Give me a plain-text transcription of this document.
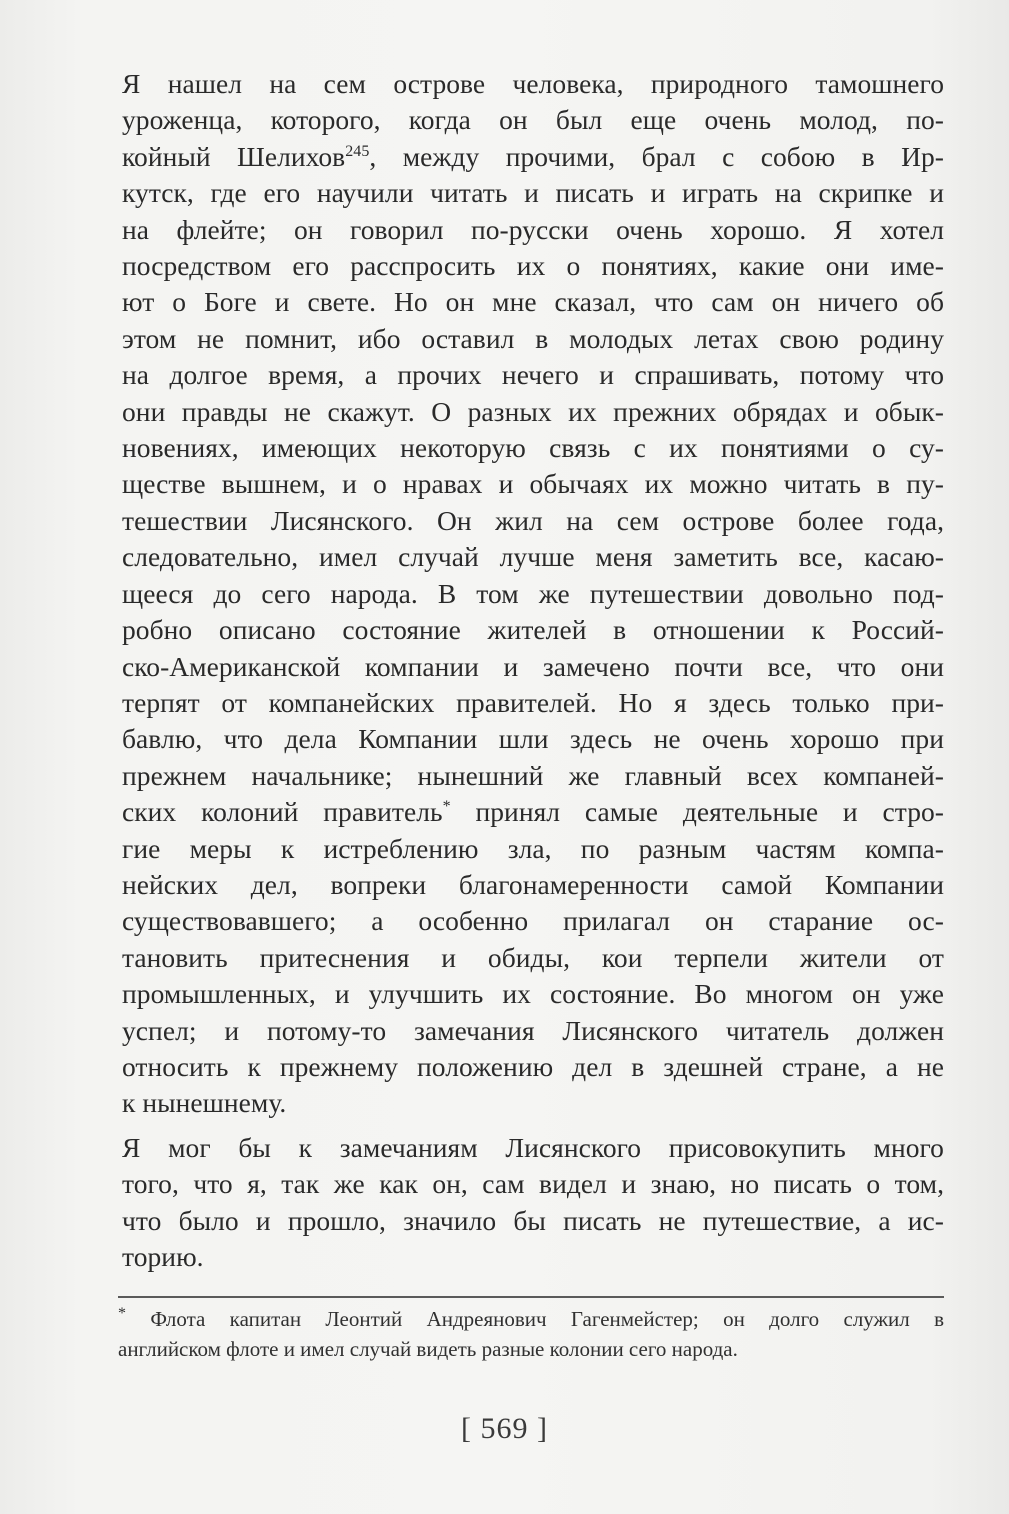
Я нашел на сем острове человека, природного тамошнего
уроженца, которого, когда он был еще очень молод, по-
койный Шелихов$^{245}$, между прочими, брал с собою в Ир-
кутск, где его научили читать и писать и играть на скрипке и
на флейте; он говорил по-русски очень хорошо. Я хотел
посредством его расспросить их о понятиях, какие они име-
ют о Боге и свете. Но он мне сказал, что сам он ничего об
этом не помнит, ибо оставил в молодых летах свою родину
на долгое время, а прочих нечего и спрашивать, потому что
они правды не скажут. О разных их прежних обрядах и обык-
новениях, имеющих некоторую связь с их понятиями о су-
ществе вышнем, и о нравах и обычаях их можно читать в пу-
тешествии Лисянского. Он жил на сем острове более года,
следовательно, имел случай лучше меня заметить все, касаю-
щееся до сего народа. В том же путешествии довольно под-
робно описано состояние жителей в отношении к Россий-
ско-Американской компании и замечено почти все, что они
терпят от компанейских правителей. Но я здесь только при-
бавлю, что дела Компании шли здесь не очень хорошо при
прежнем начальнике; нынешний же главный всех компаней-
ских колоний правитель* принял самые деятельные и стро-
гие меры к истреблению зла, по разным частям компа-
нейских дел, вопреки благонамеренности самой Компании
существовавшего; а особенно прилагал он старание ос-
тановить притеснения и обиды, кои терпели жители от
промышленных, и улучшить их состояние. Во многом он уже
успел; и потому-то замечания Лисянского читатель должен
относить к прежнему положению дел в здешней стране, а не
к нынешнему.

Я мог бы к замечаниям Лисянского присовокупить много
того, что я, так же как он, сам видел и знаю, но писать о том,
что было и прошло, значило бы писать не путешествие, а ис-
торию.

* Флота капитан Леонтий Андреянович Гагенмейстер; он долго служил в
английском флоте и имел случай видеть разные колонии сего народа.
[ 569 ]
